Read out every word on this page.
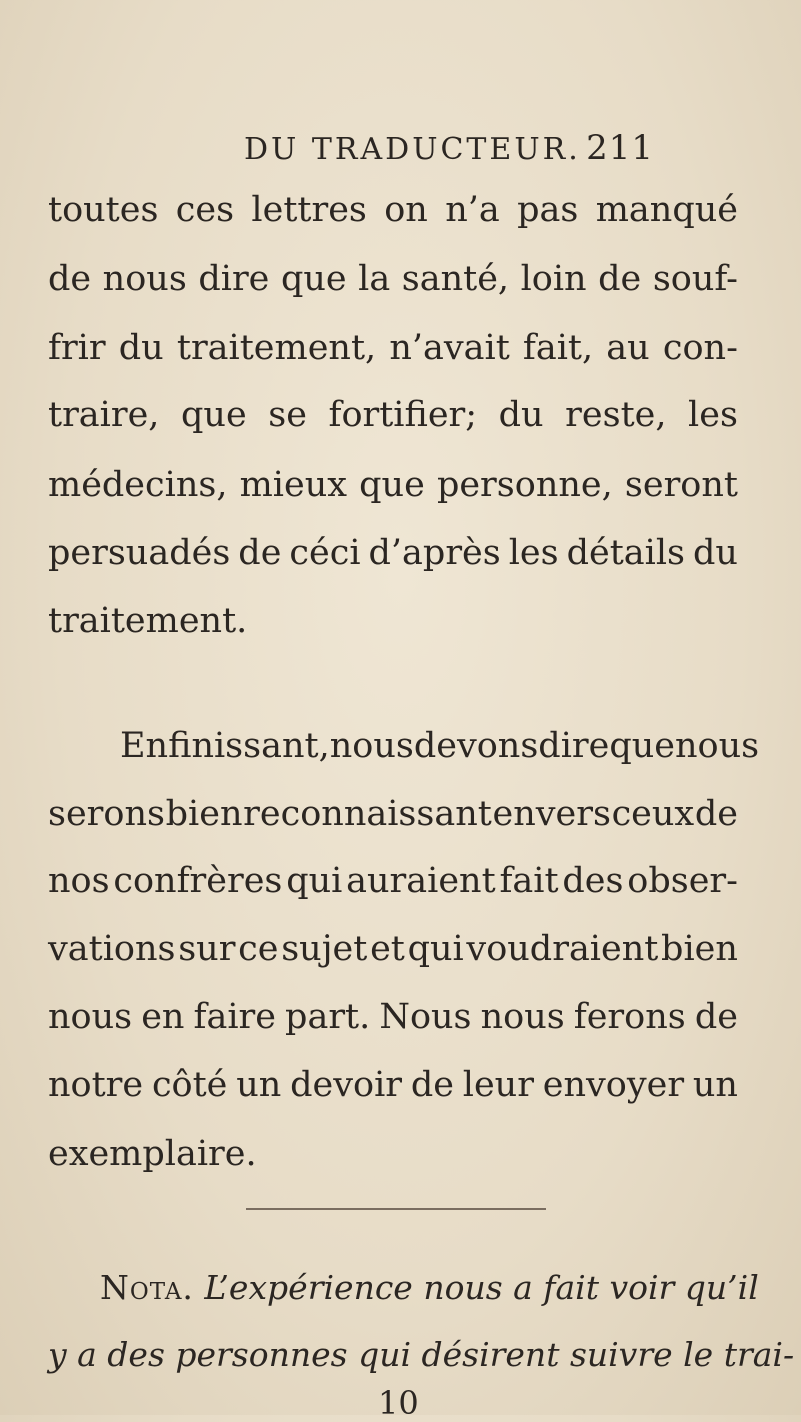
DU TRADUCTEUR. 211
toutes ces lettres on n’a pas manqué
de nous dire que la santé, loin de souf-
frir du traitement, n’avait fait, au con-
traire, que se fortifier; du reste, les
médecins, mieux que personne, seront
persuadés de céci d’après les détails du
traitement.
En finissant, nous devons dire que nous
serons bien reconnaissant envers ceux de
nos confrères qui auraient fait des obser-
vations sur ce sujet et qui voudraient bien
nous en faire part. Nous nous ferons de
notre côté un devoir de leur envoyer un
exemplaire.
Nota. L’expérience nous a fait voir qu’il
y a des personnes qui désirent suivre le trai-
10
